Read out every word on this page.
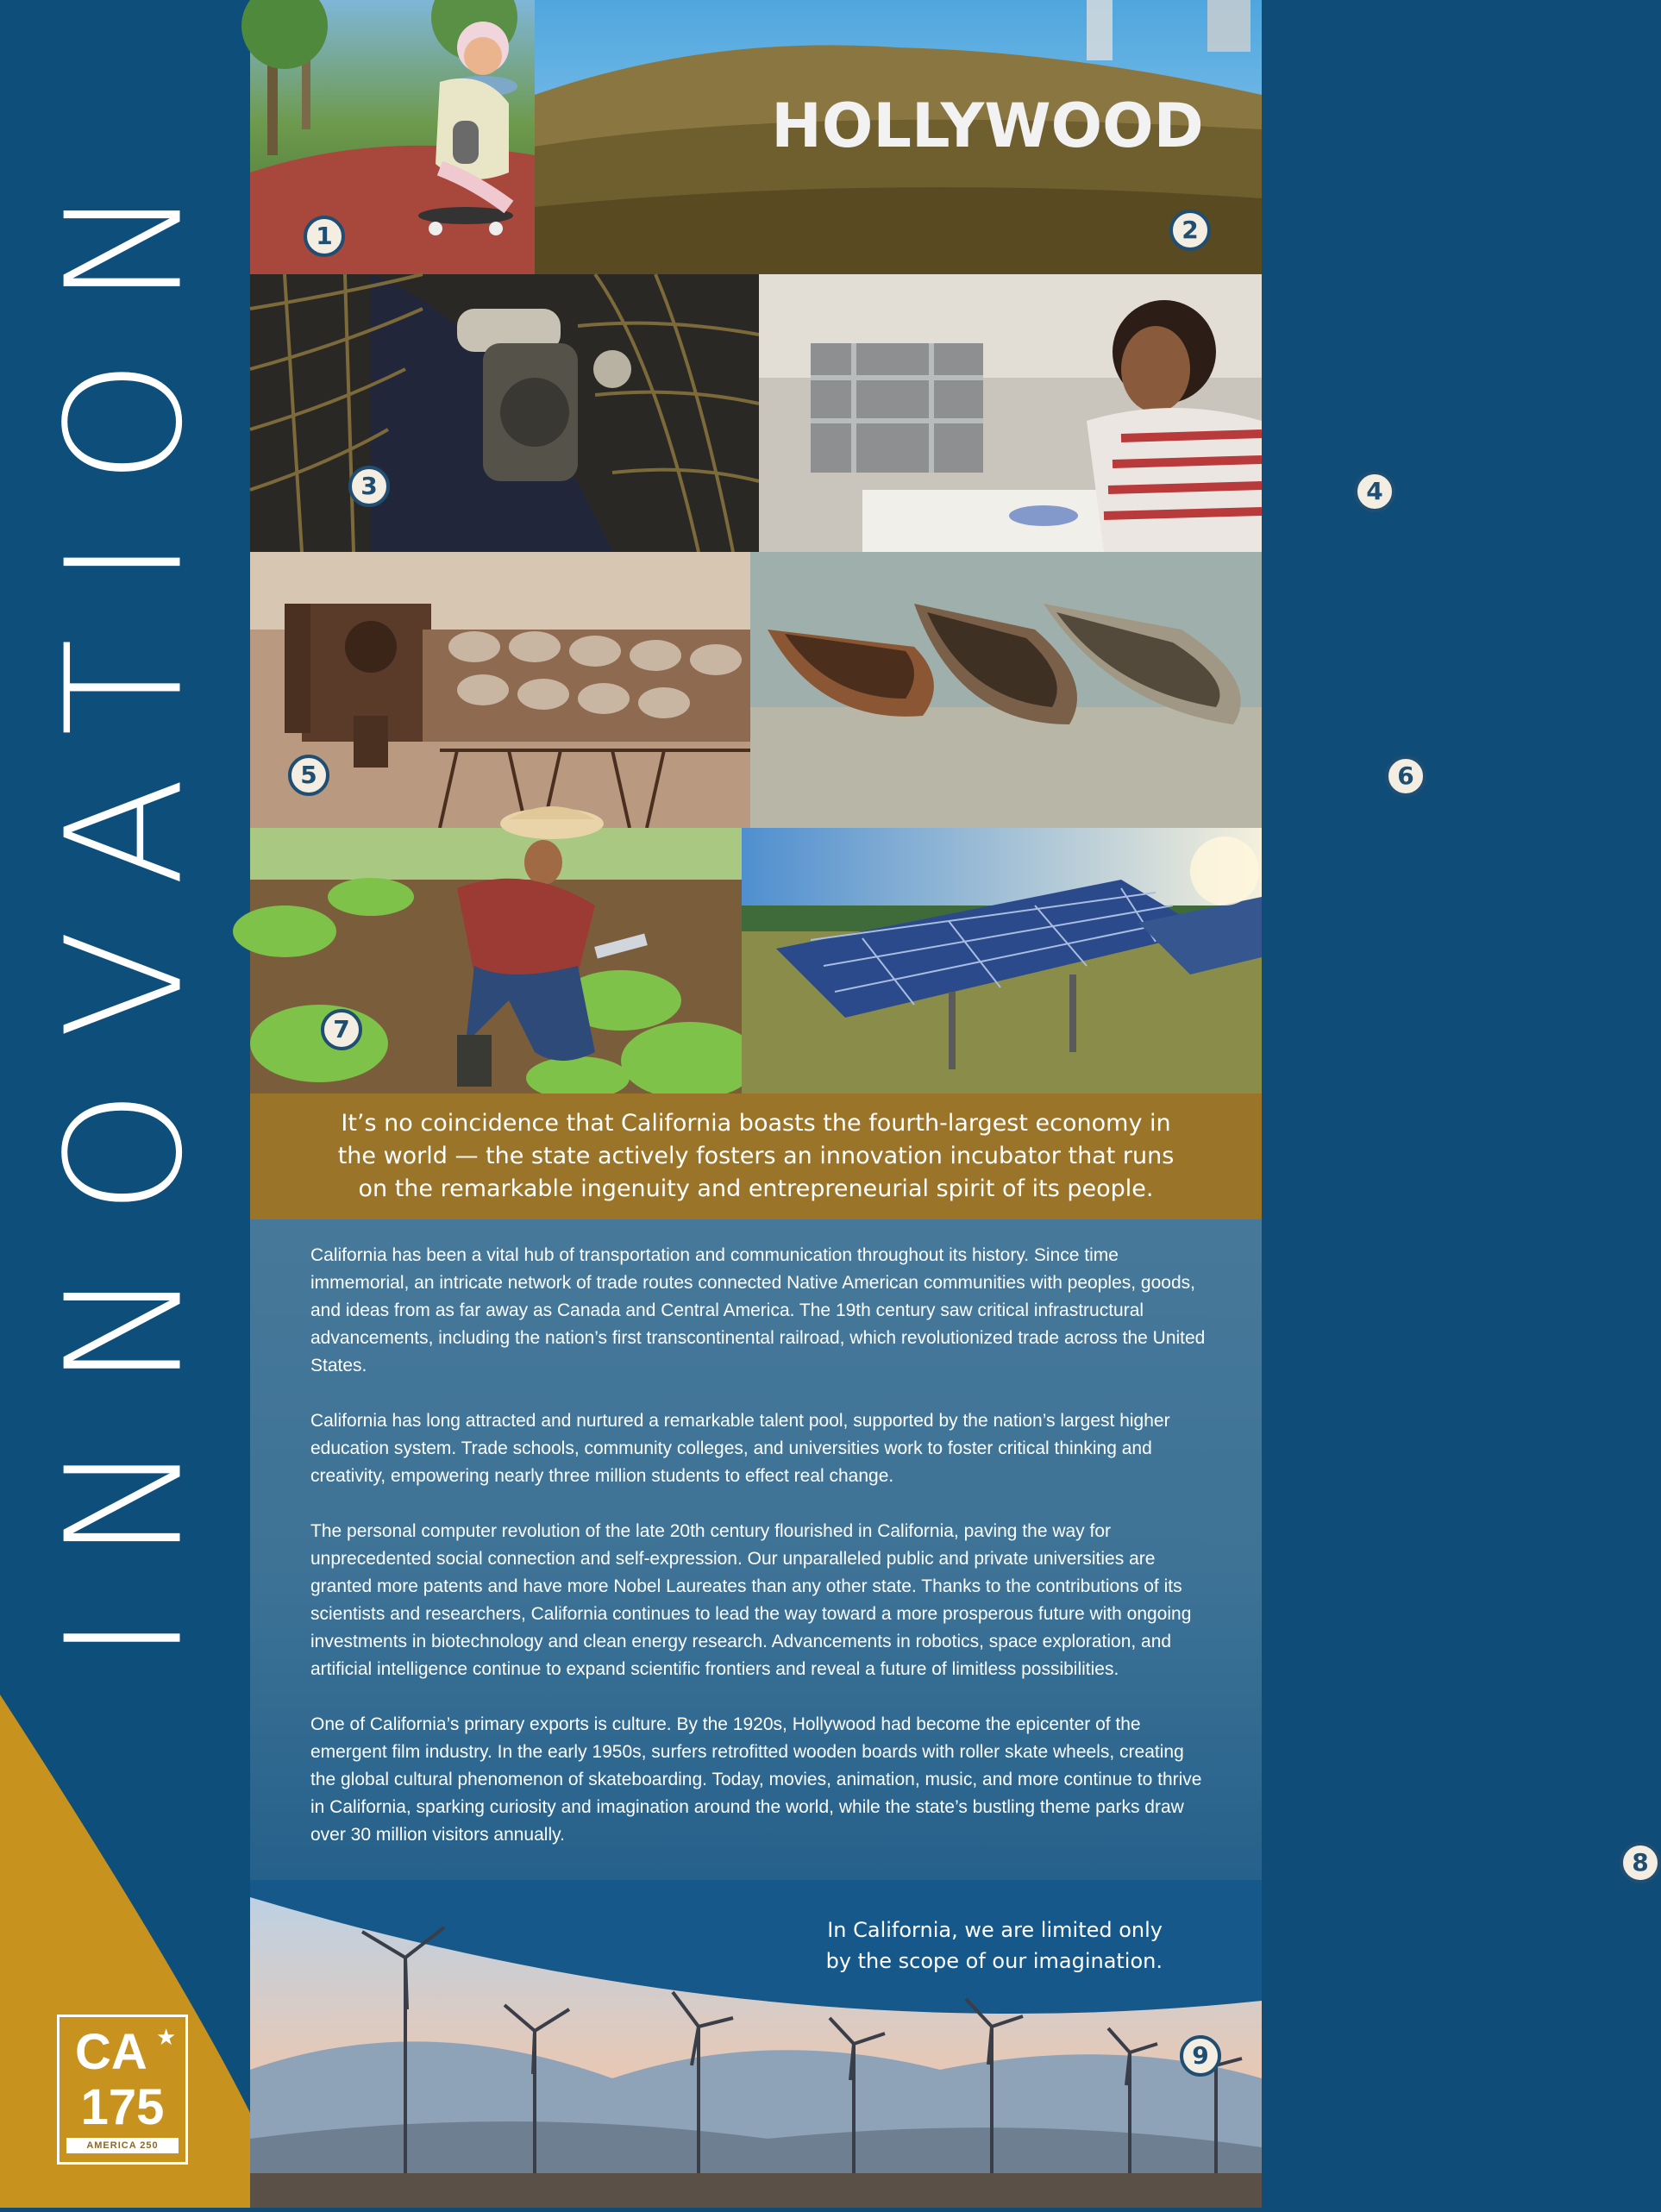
INNOVATION
CA ★
175
AMERICA 250
1
HOLLYWOOD
2
3	4
5	6
7
8

It’s no coincidence that California boasts the fourth-largest economy in the world — the state actively fosters an innovation incubator that runs on the remarkable ingenuity and entrepreneurial spirit of its people.

California has been a vital hub of transportation and communication throughout its history. Since time immemorial, an intricate network of trade routes connected Native American communities with peoples, goods, and ideas from as far away as Canada and Central America. The 19th century saw critical infrastructural advancements, including the nation’s first transcontinental railroad, which revolutionized trade across the United States.

California has long attracted and nurtured a remarkable talent pool, supported by the nation’s largest higher education system. Trade schools, community colleges, and universities work to foster critical thinking and creativity, empowering nearly three million students to effect real change.

The personal computer revolution of the late 20th century flourished in California, paving the way for unprecedented social connection and self-expression. Our unparalleled public and private universities are granted more patents and have more Nobel Laureates than any other state. Thanks to the contributions of its scientists and researchers, California continues to lead the way toward a more prosperous future with ongoing investments in biotechnology and clean energy research. Advancements in robotics, space exploration, and artificial intelligence continue to expand scientific frontiers and reveal a future of limitless possibilities.

One of California’s primary exports is culture. By the 1920s, Hollywood had become the epicenter of the emergent film industry. In the early 1950s, surfers retrofitted wooden boards with roller skate wheels, creating the global cultural phenomenon of skateboarding. Today, movies, animation, music, and more continue to thrive in California, sparking curiosity and imagination around the world, while the state’s bustling theme parks draw over 30 million visitors annually.

9
In California, we are limited only
by the scope of our imagination.
